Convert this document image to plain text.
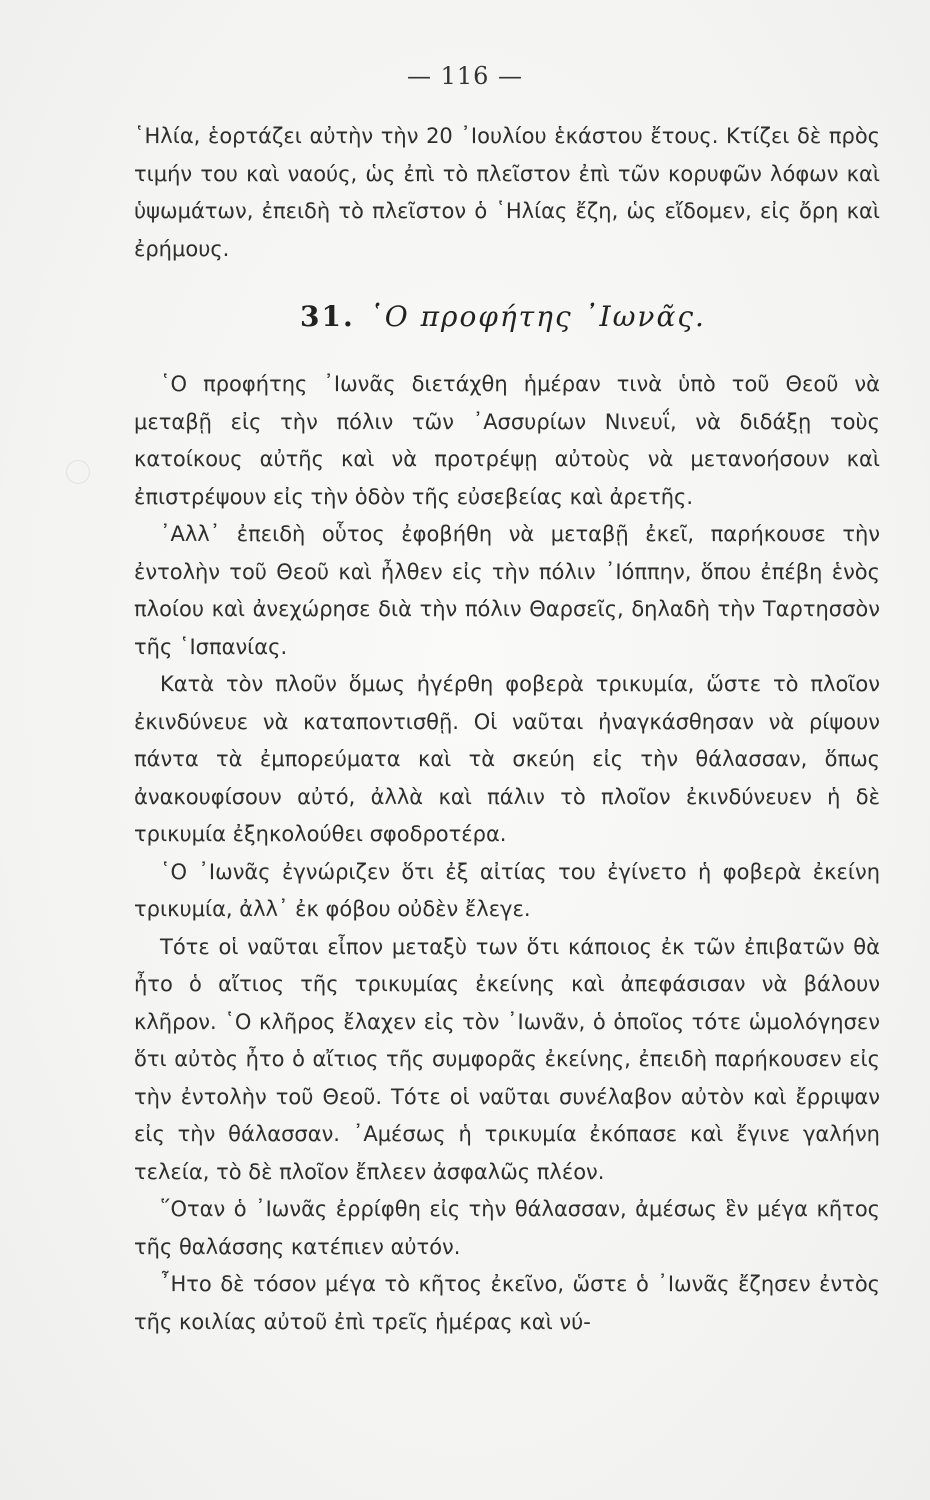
— 116 —

῾Ηλία, ἑορτάζει αὐτὴν τὴν 20 ᾿Ιουλίου ἑκάστου ἔτους. Κτίζει δὲ πρὸς τιμήν του καὶ ναούς, ὡς ἐπὶ τὸ πλεῖστον ἐπὶ τῶν κορυφῶν λόφων καὶ ὑψωμάτων, ἐπειδὴ τὸ πλεῖστον ὁ ῾Ηλίας ἔζη, ὡς εἴδομεν, εἰς ὄρη καὶ ἐρήμους.

31. ῾Ο προφήτης ᾿Ιωνᾶς.

῾Ο προφήτης ᾿Ιωνᾶς διετάχθη ἡμέραν τινὰ ὑπὸ τοῦ Θεοῦ νὰ μεταβῇ εἰς τὴν πόλιν τῶν ᾿Ασσυρίων Νινευΐ, νὰ διδάξῃ τοὺς κατοίκους αὐτῆς καὶ νὰ προτρέψῃ αὐτοὺς νὰ μετανοήσουν καὶ ἐπιστρέψουν εἰς τὴν ὁδὸν τῆς εὐσεβείας καὶ ἀρετῆς.

᾿Αλλ᾿ ἐπειδὴ οὗτος ἐφοβήθη νὰ μεταβῇ ἐκεῖ, παρήκουσε τὴν ἐντολὴν τοῦ Θεοῦ καὶ ἦλθεν εἰς τὴν πόλιν ᾿Ιόππην, ὅπου ἐπέβη ἑνὸς πλοίου καὶ ἀνεχώρησε διὰ τὴν πόλιν Θαρσεῖς, δηλαδὴ τὴν Ταρτησσὸν τῆς ῾Ισπανίας.

Κατὰ τὸν πλοῦν ὅμως ἠγέρθη φοβερὰ τρικυμία, ὥστε τὸ πλοῖον ἐκινδύνευε νὰ καταποντισθῇ. Οἱ ναῦται ἠναγκάσθησαν νὰ ρίψουν πάντα τὰ ἐμπορεύματα καὶ τὰ σκεύη εἰς τὴν θάλασσαν, ὅπως ἀνακουφίσουν αὐτό, ἀλλὰ καὶ πάλιν τὸ πλοῖον ἐκινδύνευεν ἡ δὲ τρικυμία ἐξηκολούθει σφοδροτέρα.

῾Ο ᾿Ιωνᾶς ἐγνώριζεν ὅτι ἐξ αἰτίας του ἐγίνετο ἡ φοβερὰ ἐκείνη τρικυμία, ἀλλ᾿ ἐκ φόβου οὐδὲν ἔλεγε.

Τότε οἱ ναῦται εἶπον μεταξὺ των ὅτι κάποιος ἐκ τῶν ἐπιβατῶν θὰ ἦτο ὁ αἴτιος τῆς τρικυμίας ἐκείνης καὶ ἀπεφάσισαν νὰ βάλουν κλῆρον. ῾Ο κλῆρος ἔλαχεν εἰς τὸν ᾿Ιωνᾶν, ὁ ὁποῖος τότε ὡμολόγησεν ὅτι αὐτὸς ἦτο ὁ αἴτιος τῆς συμφορᾶς ἐκείνης, ἐπειδὴ παρήκουσεν εἰς τὴν ἐντολὴν τοῦ Θεοῦ. Τότε οἱ ναῦται συνέλαβον αὐτὸν καὶ ἔρριψαν εἰς τὴν θάλασσαν. ᾿Αμέσως ἡ τρικυμία ἐκόπασε καὶ ἔγινε γαλήνη τελεία, τὸ δὲ πλοῖον ἔπλεεν ἀσφαλῶς πλέον.

῞Οταν ὁ ᾿Ιωνᾶς ἐρρίφθη εἰς τὴν θάλασσαν, ἀμέσως ἓν μέγα κῆτος τῆς θαλάσσης κατέπιεν αὐτόν.

῏Ητο δὲ τόσον μέγα τὸ κῆτος ἐκεῖνο, ὥστε ὁ ᾿Ιωνᾶς ἔζησεν ἐντὸς τῆς κοιλίας αὐτοῦ ἐπὶ τρεῖς ἡμέρας καὶ νύ-
